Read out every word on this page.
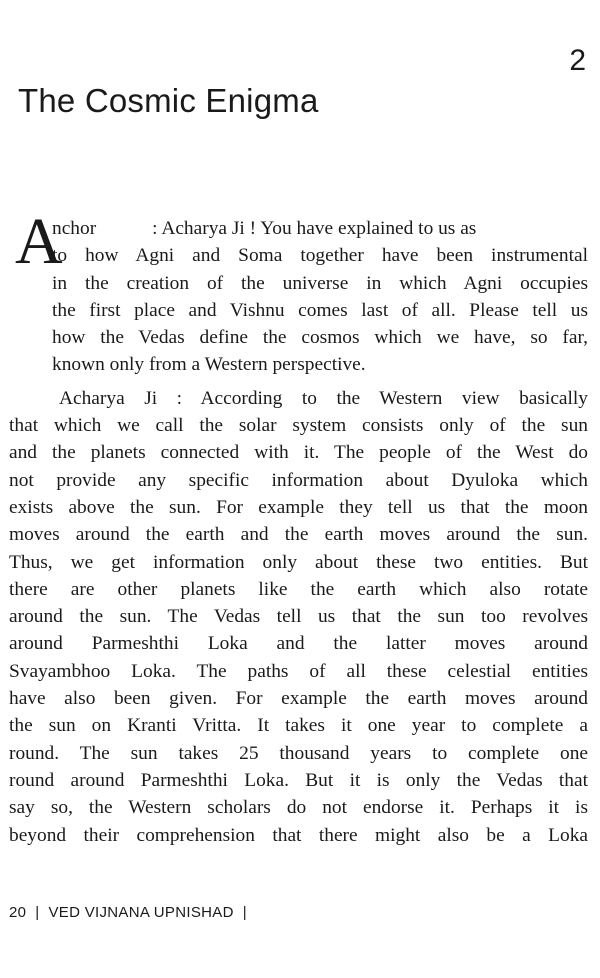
2
The Cosmic Enigma
A
nchor	: Acharya Ji ! You have explained to us as
to how Agni and Soma together have been instrumental
in the creation of the universe in which Agni occupies
the first place and Vishnu comes last of all. Please tell us
how the Vedas define the cosmos which we have, so far,
known only from a Western perspective.
Acharya Ji : According to the Western view basically
that which we call the solar system consists only of the sun
and the planets connected with it. The people of the West do
not provide any specific information about Dyuloka which
exists above the sun. For example they tell us that the moon
moves around the earth and the earth moves around the sun.
Thus, we get information only about these two entities. But
there are other planets like the earth which also rotate
around the sun. The Vedas tell us that the sun too revolves
around Parmeshthi Loka and the latter moves around
Svayambhoo Loka. The paths of all these celestial entities
have also been given. For example the earth moves around
the sun on Kranti Vritta. It takes it one year to complete a
round. The sun takes 25 thousand years to complete one
round around Parmeshthi Loka. But it is only the Vedas that
say so, the Western scholars do not endorse it. Perhaps it is
beyond their comprehension that there might also be a Loka
20 | VED VIJNANA UPNISHAD |
